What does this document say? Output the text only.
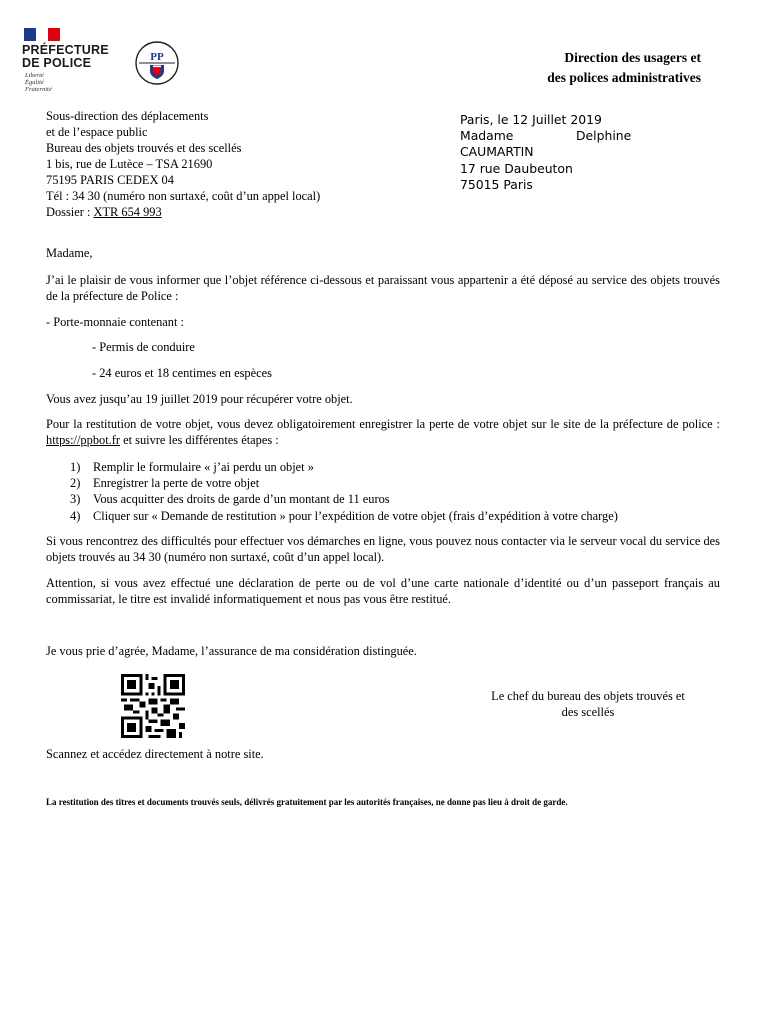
PRÉFECTURE
DE POLICE
Liberté
Égalité
Fraternité
PP	Direction des usagers et
des polices administratives
Sous-direction des déplacements
et de l’espace public
Bureau des objets trouvés et des scellés
1 bis, rue de Lutèce – TSA 21690
75195 PARIS CEDEX 04
Tél : 34 30 (numéro non surtaxé, coût d’un appel local)
Dossier : XTR 654 993
Paris, le 12 Juillet 2019
Madame	Delphine
CAUMARTIN
17 rue Daubeuton
75015 Paris
Madame,
J’ai le plaisir de vous informer que l’objet référence ci-dessous et paraissant vous appartenir a été déposé au service des objets trouvés de la préfecture de Police :
- Porte-monnaie contenant :
- Permis de conduire
- 24 euros et 18 centimes en espèces
Vous avez jusqu’au 19 juillet 2019 pour récupérer votre objet.
Pour la restitution de votre objet, vous devez obligatoirement enregistrer la perte de votre objet sur le site de la préfecture de police : https://ppbot.fr et suivre les différentes étapes :
1) Remplir le formulaire « j’ai perdu un objet »
2) Enregistrer la perte de votre objet
3) Vous acquitter des droits de garde d’un montant de 11 euros
4) Cliquer sur « Demande de restitution » pour l’expédition de votre objet (frais d’expédition à votre charge)
Si vous rencontrez des difficultés pour effectuer vos démarches en ligne, vous pouvez nous contacter via le serveur vocal du service des objets trouvés au 34 30 (numéro non surtaxé, coût d’un appel local).
Attention, si vous avez effectué une déclaration de perte ou de vol d’une carte nationale d’identité ou d’un passeport français au commissariat, le titre est invalidé informatiquement et nous pas vous être restitué.
Je vous prie d’agrée, Madame, l’assurance de ma considération distinguée.
Le chef du bureau des objets trouvés et
des scellés
Scannez et accédez directement à notre site.
La restitution des titres et documents trouvés seuls, délivrés gratuitement par les autorités françaises, ne donne pas lieu à droit de garde.
